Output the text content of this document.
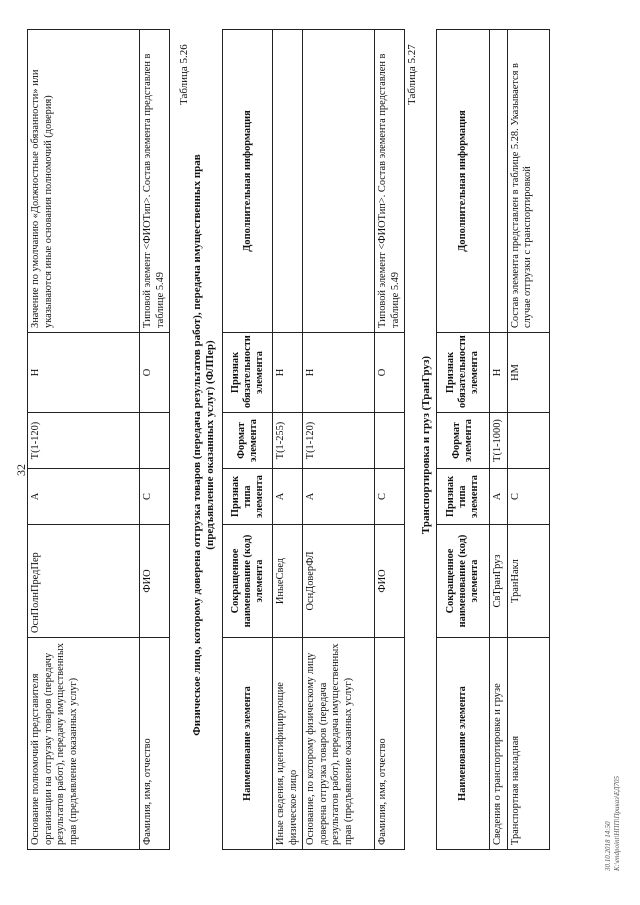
32
Основание полномочий представителя организации на отгрузку товаров (передачу результатов работ), передачу имущественных прав (предъявление оказанных услуг)	ОснПолнПредПер	А	Т(1-120)	Н	Значение по умолчанию «Должностные обязанности» или указываются иные основания полномочий (доверия)
Фамилия, имя, отчество	ФИО	С		О	Типовой элемент <ФИОТип>. Состав элемента представлен в таблице 5.49
Таблица 5.26
Физическое лицо, которому доверена отгрузка товаров (передача результатов работ), передача имущественных прав (предъявление оказанных услуг) (ФЛПер)
Наименование элемента	Сокращенное наименование (код) элемента	Признак типа элемента	Формат элемента	Признак обязательности элемента	Дополнительная информация
Иные сведения, идентифицирующие физическое лицо	ИныеСвед	А	Т(1-255)	Н	
Основание, по которому физическому лицу доверена отгрузка товаров (передача результатов работ), передача имущественных прав (предъявление оказанных услуг)	ОснДоверФЛ	А	Т(1-120)	Н	
Фамилия, имя, отчество	ФИО	С		О	Типовой элемент <ФИОТип>. Состав элемента представлен в таблице 5.49
Таблица 5.27
Транспортировка и груз (ТранГруз)
Наименование элемента	Сокращенное наименование (код) элемента	Признак типа элемента	Формат элемента	Признак обязательности элемента	Дополнительная информация
Сведения о транспортировке и грузе	СвТранГруз	А	Т(1-1000)	Н	
Транспортная накладная	ТранНакл	С		НМ	Состав элемента представлен в таблице 5.28. Указывается в случае отгрузки с транспортировкой
30.10.2018 14:50 К:\endpoint\НПП\Приказ\ЕД705
